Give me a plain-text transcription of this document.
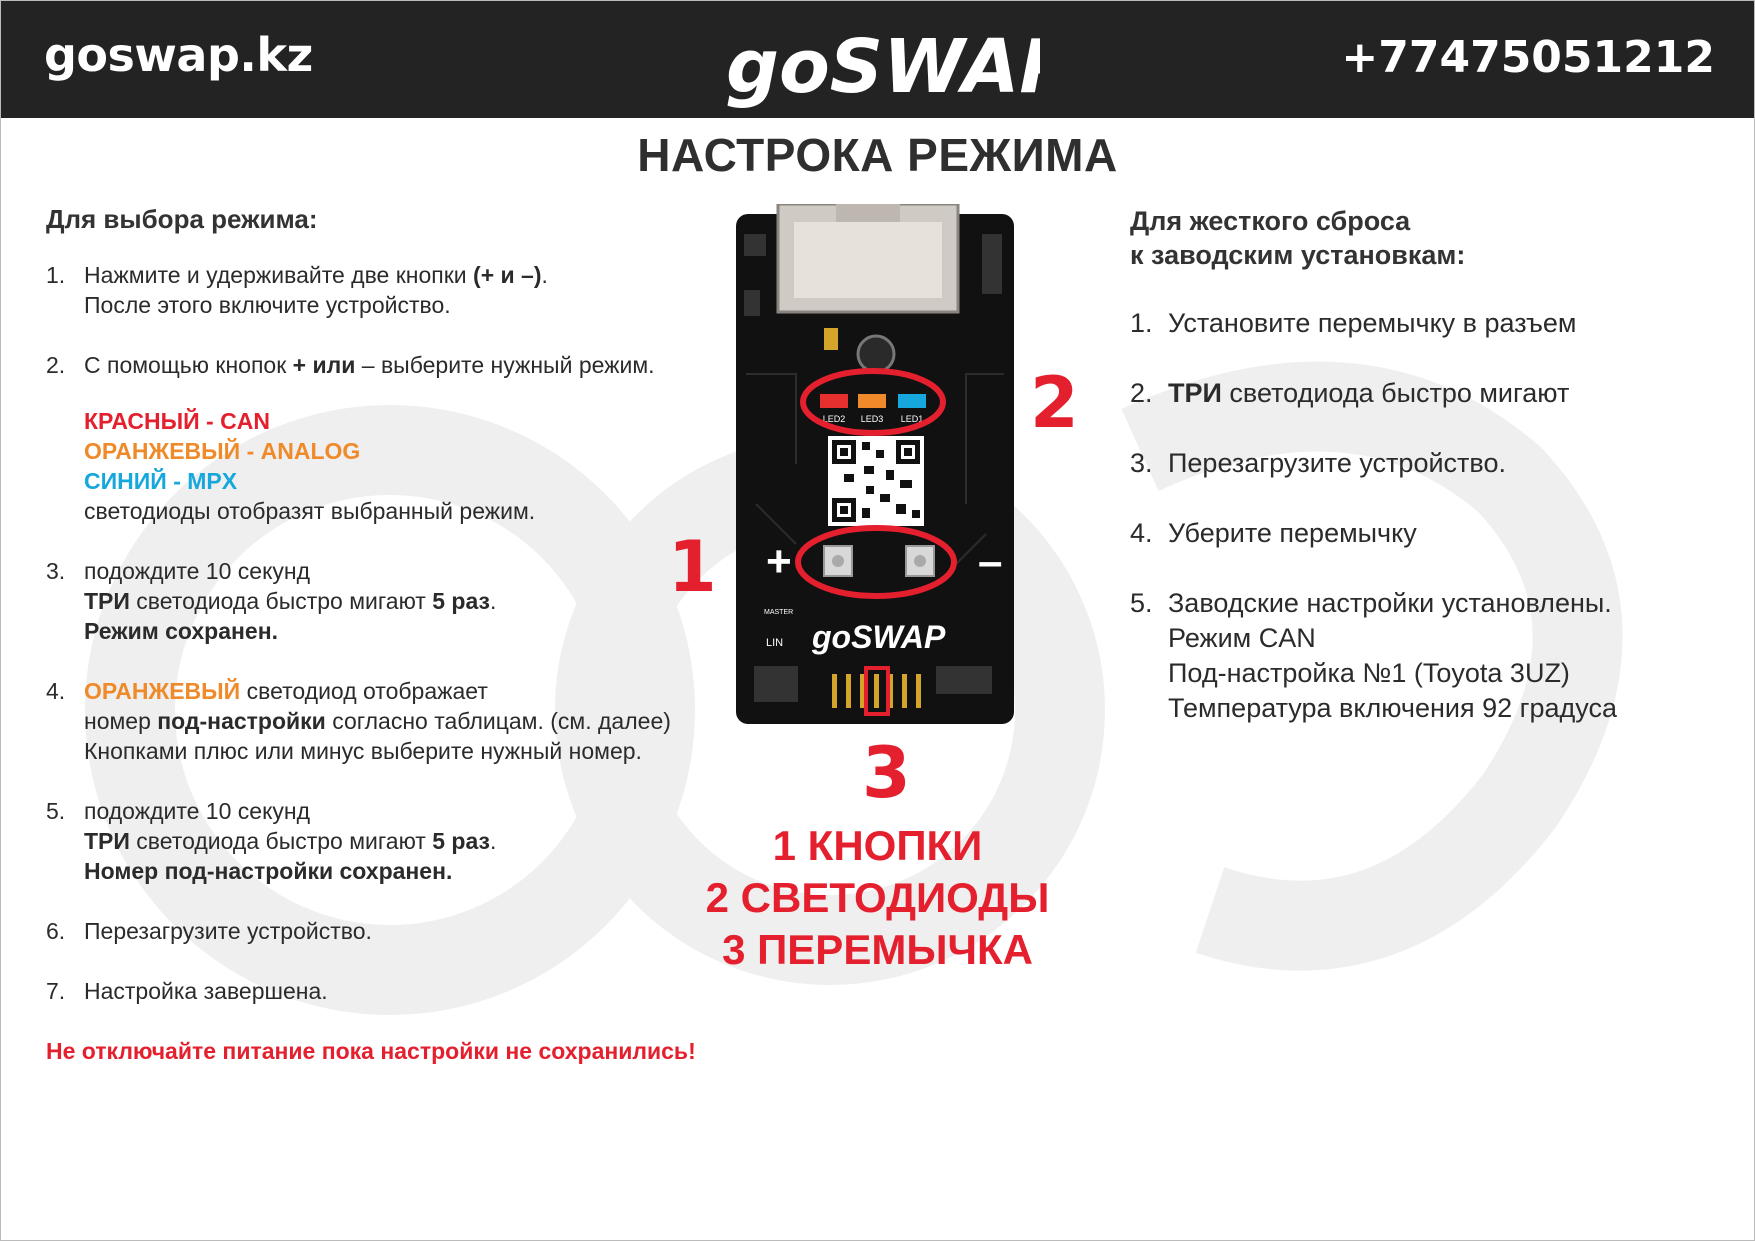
goswap.kz	goSWAP	+77475051212
НАСТРОКА РЕЖИМА
Для выбора режима:
1. Нажмите и удерживайте две кнопки (+ и –).
После этого включите устройство.
2. С помощью кнопок + или – выберите нужный режим.
КРАСНЫЙ - CAN
ОРАНЖЕВЫЙ - ANALOG
СИНИЙ - MPX
светодиоды отобразят выбранный режим.
3. подождите 10 секунд
ТРИ светодиода быстро мигают 5 раз.
Режим сохранен.
4. ОРАНЖЕВЫЙ светодиод отображает
номер под-настройки согласно таблицам. (см. далее)
Кнопками плюс или минус выберите нужный номер.
5. подождите 10 секунд
ТРИ светодиода быстро мигают 5 раз.
Номер под-настройки сохранен.
6. Перезагрузите устройство.
7. Настройка завершена.
Не отключайте питание пока настройки не сохранились!
LED2 LED3 LED1
+	–
MASTER
LIN goSWAP
2
1
3
1 КНОПКИ
2 СВЕТОДИОДЫ
3 ПЕРЕМЫЧКА
Для жесткого сброса
к заводским установкам:
1. Установите перемычку в разъем
2. ТРИ светодиода быстро мигают
3. Перезагрузите устройство.
4. Уберите перемычку
5. Заводские настройки установлены.
Режим CAN
Под-настройка №1 (Toyota 3UZ)
Температура включения 92 градуса
